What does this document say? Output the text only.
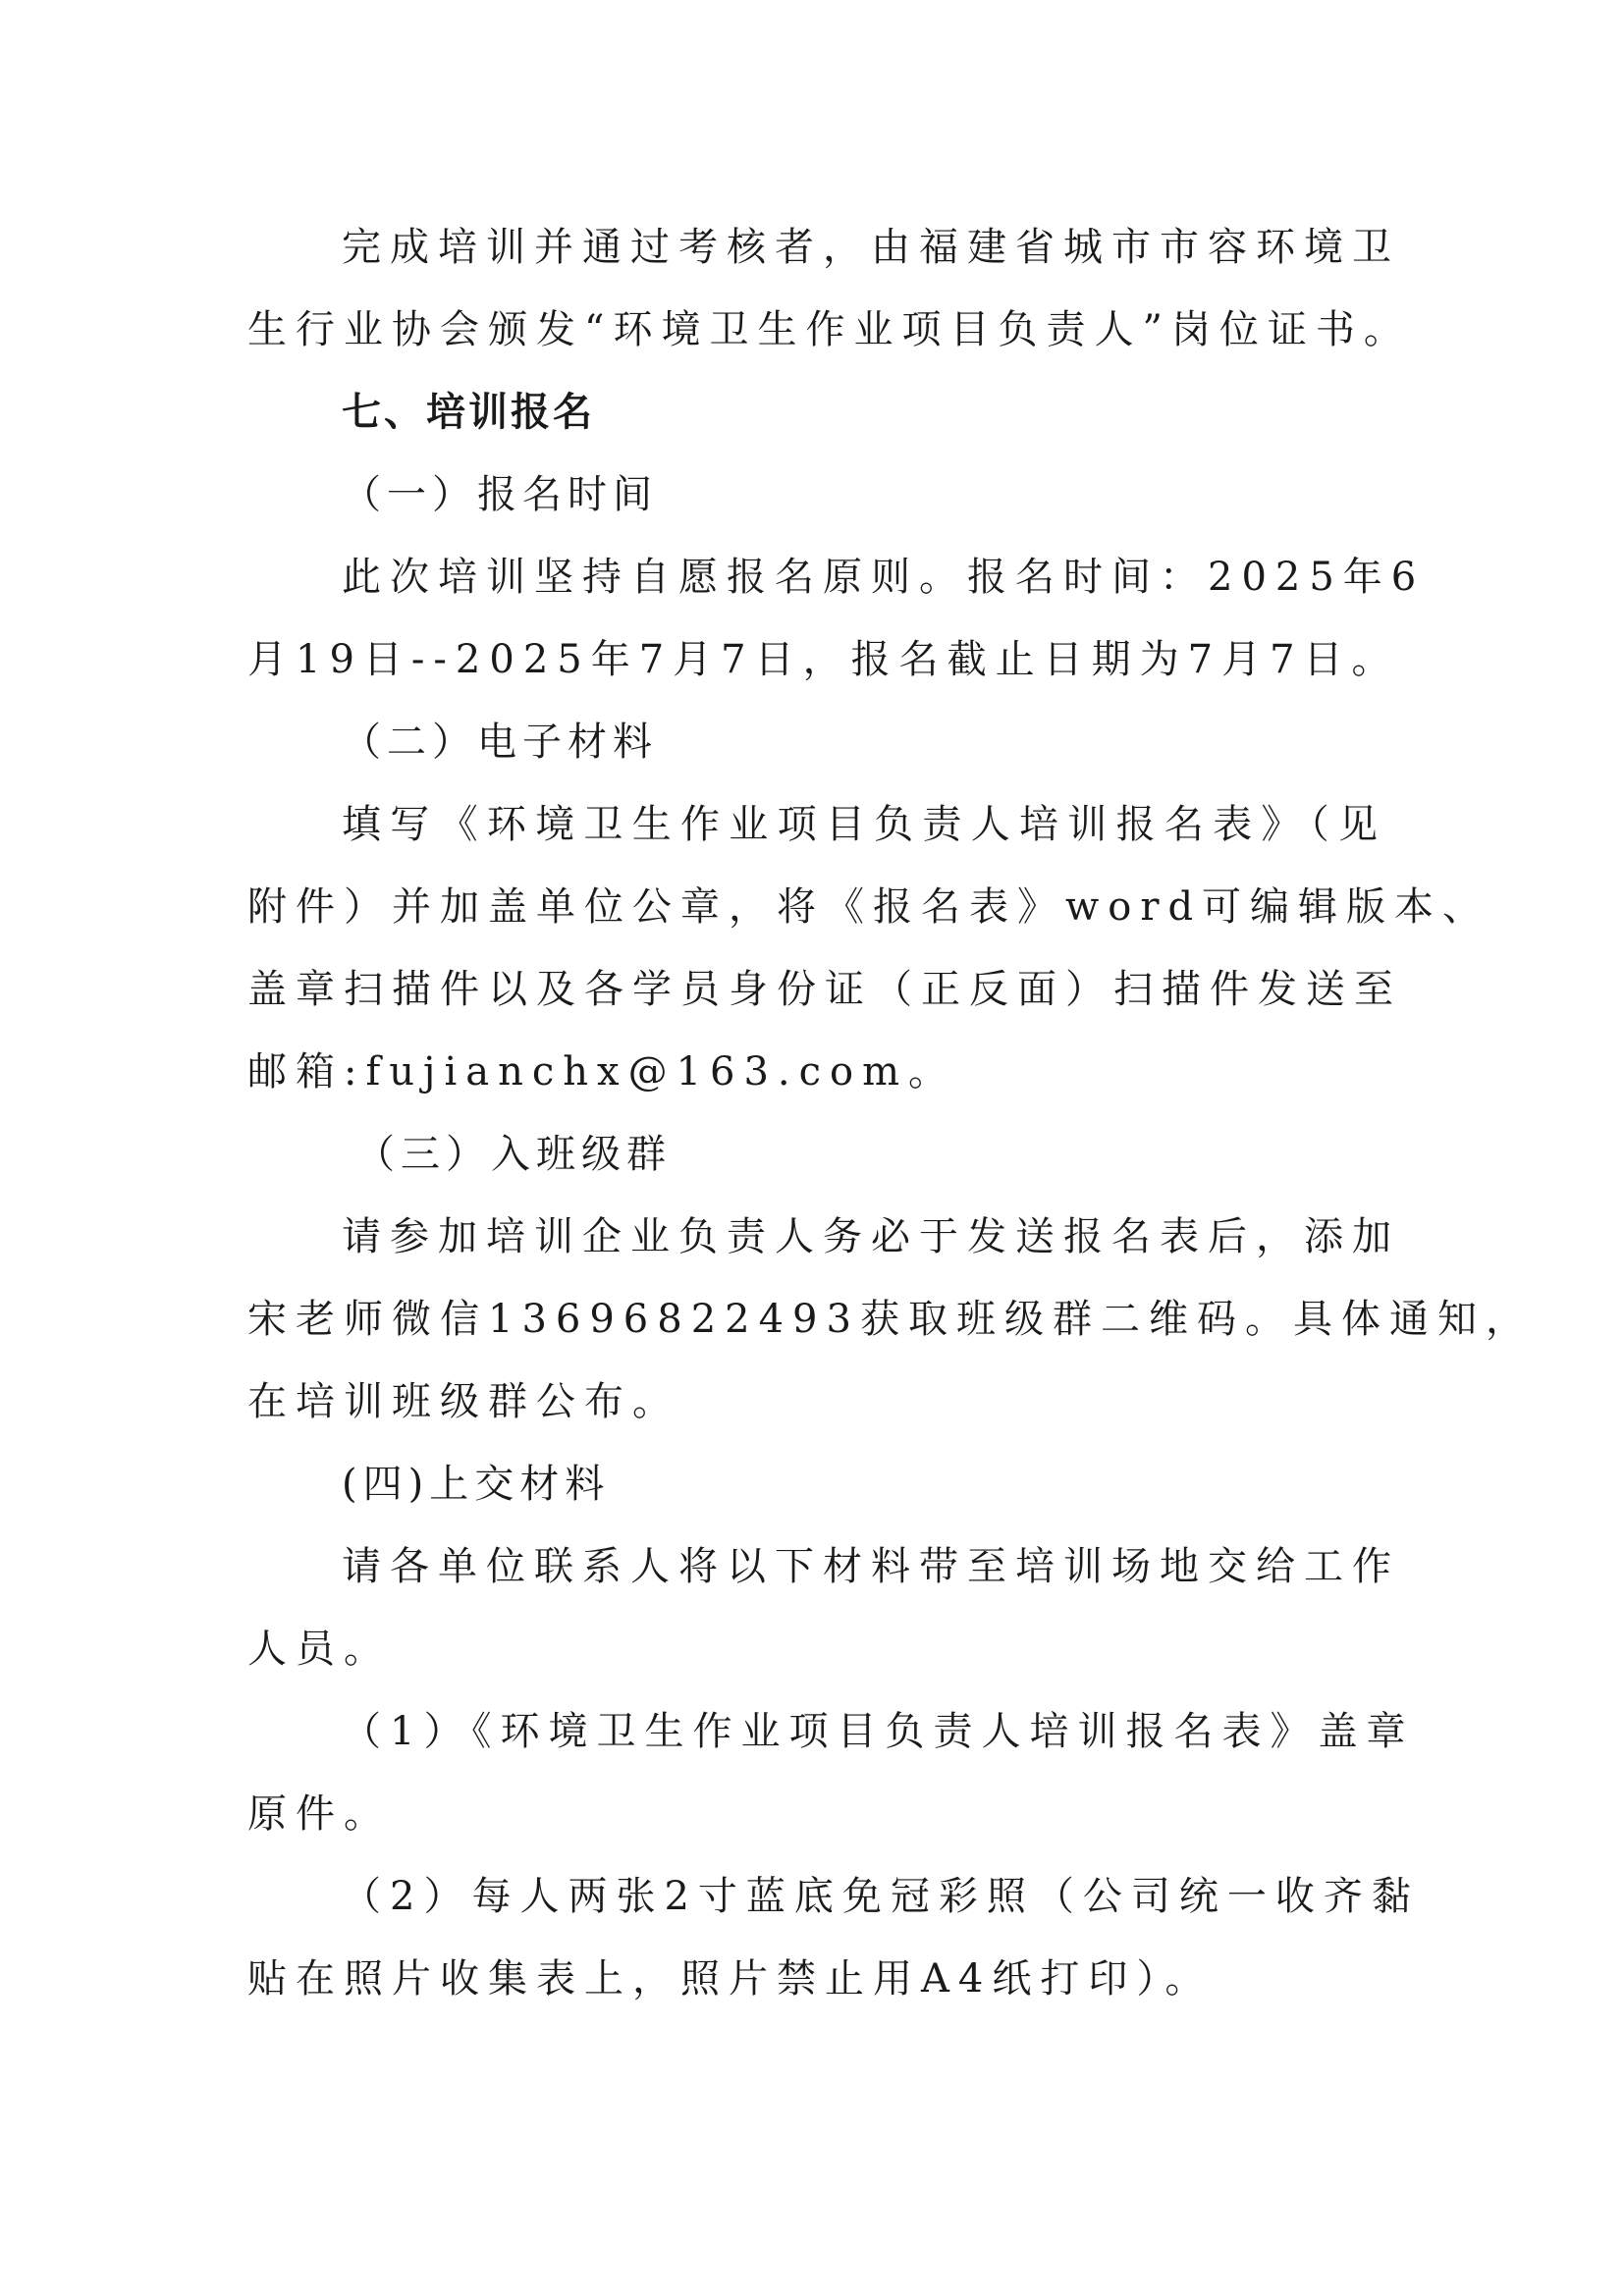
完成培训并通过考核者，由福建省城市市容环境卫
生行业协会颁发“环境卫生作业项目负责人”岗位证书。
七、培训报名
（一）报名时间
此次培训坚持自愿报名原则。报名时间：2025年6
月19日--2025年7月7日，报名截止日期为7月7日。
（二）电子材料
填写《环境卫生作业项目负责人培训报名表》（见
附件）并加盖单位公章，将《报名表》word可编辑版本、
盖章扫描件以及各学员身份证（正反面）扫描件发送至
邮箱:fujianchx@163.com。
（三）入班级群
请参加培训企业负责人务必于发送报名表后，添加
宋老师微信13696822493获取班级群二维码。具体通知，
在培训班级群公布。
(四)上交材料
请各单位联系人将以下材料带至培训场地交给工作
人员。
（1）《环境卫生作业项目负责人培训报名表》盖章
原件。
（2）每人两张2寸蓝底免冠彩照（公司统一收齐黏
贴在照片收集表上，照片禁止用A4纸打印）。
